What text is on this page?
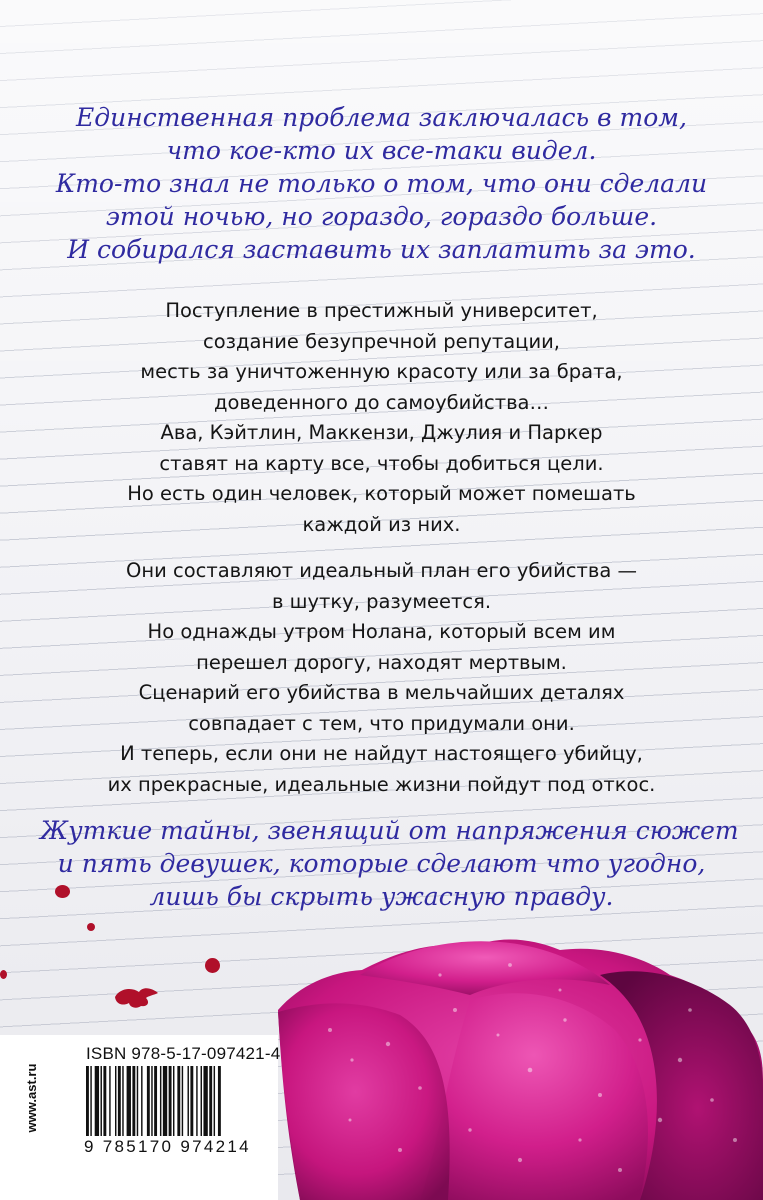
Единственная проблема заключалась в том,
что кое-кто их все-таки видел.
Кто-то знал не только о том, что они сделали
этой ночью, но гораздо, гораздо больше.
И собирался заставить их заплатить за это.
Поступление в престижный университет,
создание безупречной репутации,
месть за уничтоженную красоту или за брата,
доведенного до самоубийства…
Ава, Кэйтлин, Маккензи, Джулия и Паркер
ставят на карту все, чтобы добиться цели.
Но есть один человек, который может помешать
каждой из них.
Они составляют идеальный план его убийства —
в шутку, разумеется.
Но однажды утром Нолана, который всем им
перешел дорогу, находят мертвым.
Сценарий его убийства в мельчайших деталях
совпадает с тем, что придумали они.
И теперь, если они не найдут настоящего убийцу,
их прекрасные, идеальные жизни пойдут под откос.
Жуткие тайны, звенящий от напряжения сюжет
и пять девушек, которые сделают что угодно,
лишь бы скрыть ужасную правду.
www.ast.ru
ISBN 978-5-17-097421-4
9 785170 974214
